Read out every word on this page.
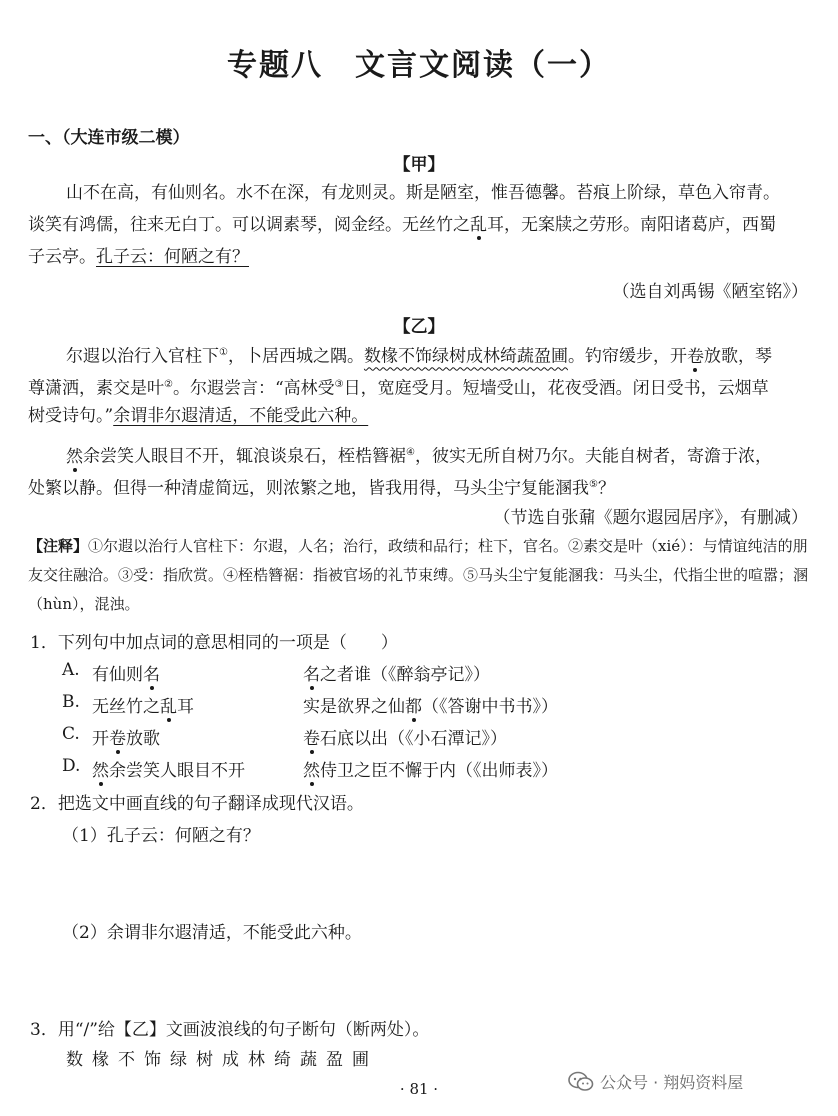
专题八 文言文阅读（一）
一、（大连市级二模）
【甲】
山不在高，有仙则名。水不在深，有龙则灵。斯是陋室，惟吾德馨。苔痕上阶绿，草色入帘青。
谈笑有鸿儒，往来无白丁。可以调素琴，阅金经。无丝竹之乱耳，无案牍之劳形。南阳诸葛庐，西蜀
子云亭。孔子云：何陋之有？
（选自刘禹锡《陋室铭》）
【乙】
尔遐以治行入官柱下①，卜居西城之隅。数椽不饰绿树成林绮蔬盈圃。钓帘缓步，开卷放歌，琴
尊潇洒，素交是叶②。尔遐尝言：“高林受③日，宽庭受月。短墙受山，花夜受酒。闭日受书，云烟草
树受诗句。”余谓非尔遐清适，不能受此六种。
然余尝笑人眼目不开，辄浪谈泉石，桎梏簪裾④，彼实无所自树乃尔。夫能自树者，寄澹于浓，
处繁以静。但得一种清虚简远，则浓繁之地，皆我用得，马头尘宁复能溷我⑤？
（节选自张鼐《题尔遐园居序》，有删减）
【注释】①尔遐以治行人官柱下：尔遐，人名；治行，政绩和品行；柱下，官名。②素交是叶（xié）：与情谊纯洁的朋友交往融洽。③受：指欣赏。④桎梏簪裾：指被官场的礼节束缚。⑤马头尘宁复能溷我：马头尘，代指尘世的喧嚣；溷（hùn），混浊。
1．下列句中加点词的意思相同的一项是（　　）
A. 有仙则名	名之者谁（《醉翁亭记》）
B. 无丝竹之乱耳	实是欲界之仙都（《答谢中书书》）
C. 开卷放歌	卷石底以出（《小石潭记》）
D. 然余尝笑人眼目不开	然侍卫之臣不懈于内（《出师表》）
2．把选文中画直线的句子翻译成现代汉语。
（1）孔子云：何陋之有？
（2）余谓非尔遐清适，不能受此六种。
3．用“/”给【乙】文画波浪线的句子断句（断两处）。
数椽不饰绿树成林绮蔬盈圃
· 81 ·	公众号 · 翔妈资料屋
